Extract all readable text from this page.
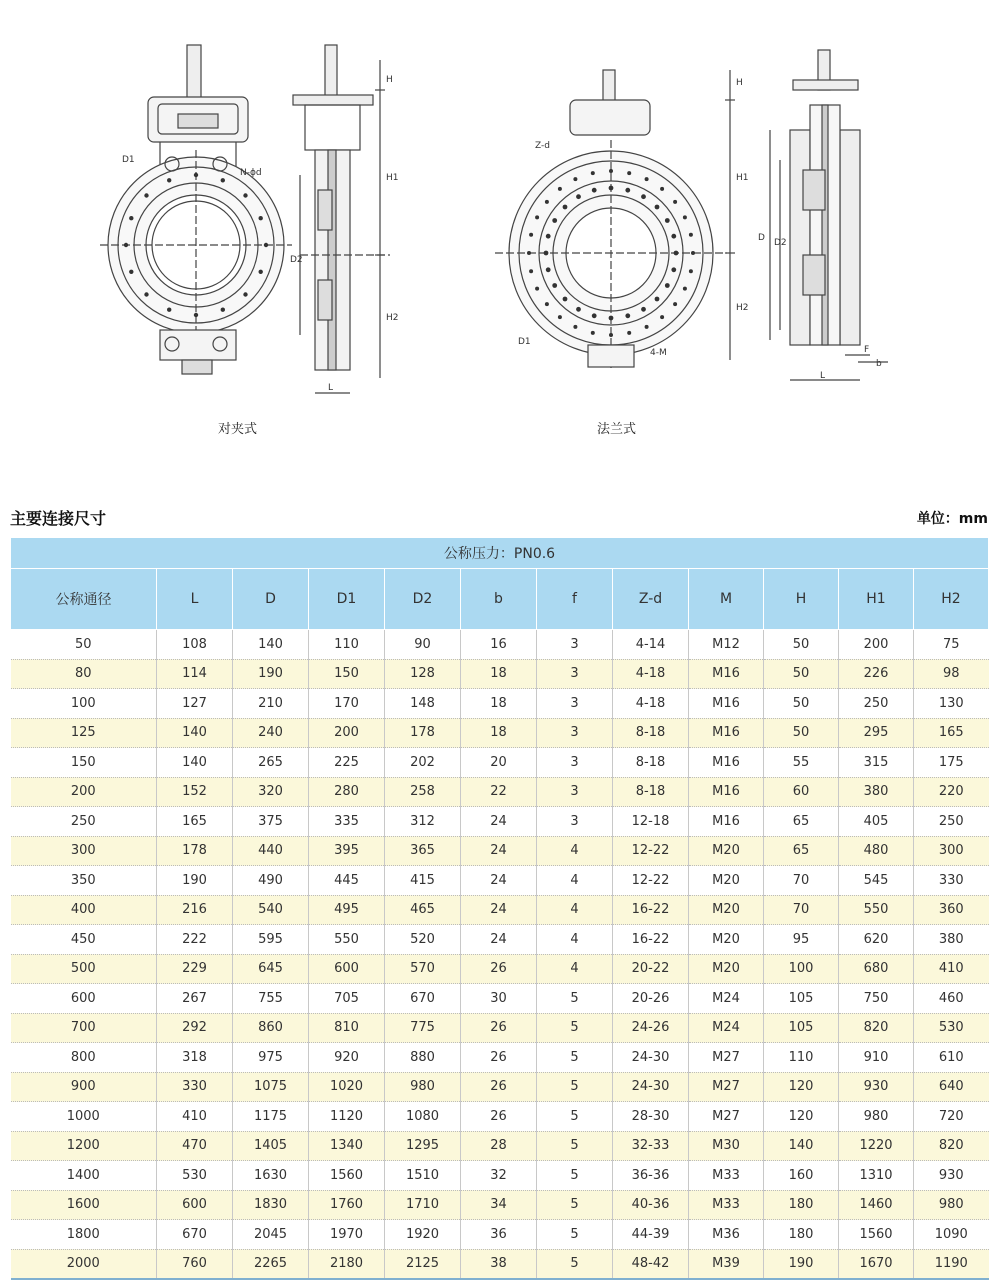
D1
N-ϕd
H
H1
H2
D2
L
Z-d
D1
4-M
H
H1
H2
D D2
F
b
L
对夹式	法兰式
主要连接尺寸	单位：mm
公称压力：PN0.6											
公称通径	L	D	D1	D2	b	f	Z-d	M	H	H1	H2
50	108	140	110	90	16	3	4-14	M12	50	200	75
80	114	190	150	128	18	3	4-18	M16	50	226	98
100	127	210	170	148	18	3	4-18	M16	50	250	130
125	140	240	200	178	18	3	8-18	M16	50	295	165
150	140	265	225	202	20	3	8-18	M16	55	315	175
200	152	320	280	258	22	3	8-18	M16	60	380	220
250	165	375	335	312	24	3	12-18	M16	65	405	250
300	178	440	395	365	24	4	12-22	M20	65	480	300
350	190	490	445	415	24	4	12-22	M20	70	545	330
400	216	540	495	465	24	4	16-22	M20	70	550	360
450	222	595	550	520	24	4	16-22	M20	95	620	380
500	229	645	600	570	26	4	20-22	M20	100	680	410
600	267	755	705	670	30	5	20-26	M24	105	750	460
700	292	860	810	775	26	5	24-26	M24	105	820	530
800	318	975	920	880	26	5	24-30	M27	110	910	610
900	330	1075	1020	980	26	5	24-30	M27	120	930	640
1000	410	1175	1120	1080	26	5	28-30	M27	120	980	720
1200	470	1405	1340	1295	28	5	32-33	M30	140	1220	820
1400	530	1630	1560	1510	32	5	36-36	M33	160	1310	930
1600	600	1830	1760	1710	34	5	40-36	M33	180	1460	980
1800	670	2045	1970	1920	36	5	44-39	M36	180	1560	1090
2000	760	2265	2180	2125	38	5	48-42	M39	190	1670	1190
